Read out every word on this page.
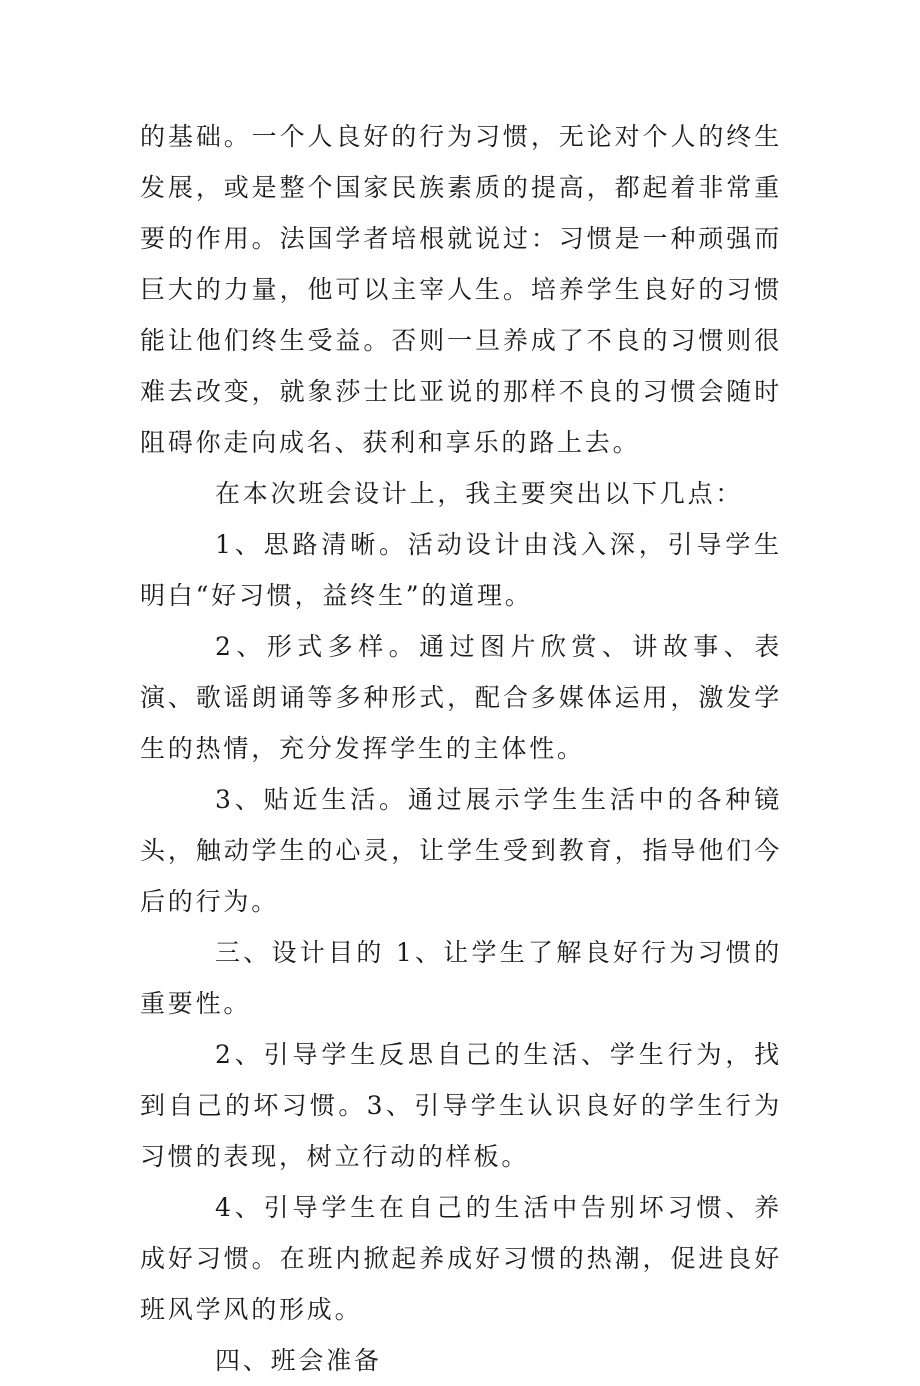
的基础。一个人良好的行为习惯，无论对个人的终生发展，或是整个国家民族素质的提高，都起着非常重要的作用。法国学者培根就说过：习惯是一种顽强而巨大的力量，他可以主宰人生。培养学生良好的习惯能让他们终生受益。否则一旦养成了不良的习惯则很难去改变，就象莎士比亚说的那样不良的习惯会随时阻碍你走向成名、获利和享乐的路上去。

在本次班会设计上，我主要突出以下几点：

1、思路清晰。活动设计由浅入深，引导学生明白“好习惯，益终生”的道理。

2、形式多样。通过图片欣赏、讲故事、表演、歌谣朗诵等多种形式，配合多媒体运用，激发学生的热情，充分发挥学生的主体性。

3、贴近生活。通过展示学生生活中的各种镜头，触动学生的心灵，让学生受到教育，指导他们今后的行为。

三、设计目的 1、让学生了解良好行为习惯的重要性。

2、引导学生反思自己的生活、学生行为，找到自己的坏习惯。3、引导学生认识良好的学生行为习惯的表现，树立行动的样板。

4、引导学生在自己的生活中告别坏习惯、养成好习惯。在班内掀起养成好习惯的热潮，促进良好班风学风的形成。

四、班会准备
